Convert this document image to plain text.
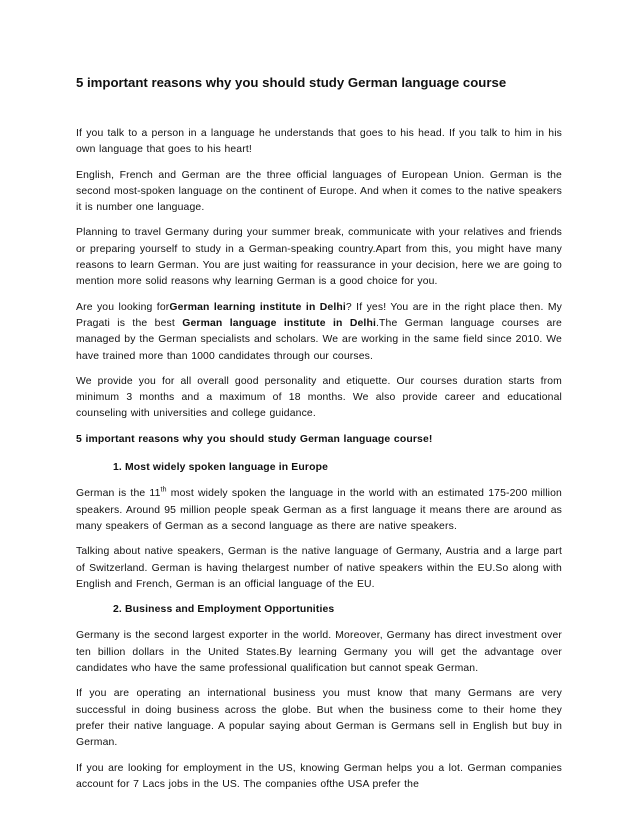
5 important reasons why you should study German language course

If you talk to a person in a language he understands that goes to his head. If you talk to him in his own language that goes to his heart!

English, French and German are the three official languages of European Union. German is the second most-spoken language on the continent of Europe. And when it comes to the native speakers it is number one language.

Planning to travel Germany during your summer break, communicate with your relatives and friends or preparing yourself to study in a German-speaking country.Apart from this, you might have many reasons to learn German. You are just waiting for reassurance in your decision, here we are going to mention more solid reasons why learning German is a good choice for you.

Are you looking forGerman learning institute in Delhi? If yes! You are in the right place then. My Pragati is the best German language institute in Delhi.The German language courses are managed by the German specialists and scholars. We are working in the same field since 2010. We have trained more than 1000 candidates through our courses.

We provide you for all overall good personality and etiquette. Our courses duration starts from minimum 3 months and a maximum of 18 months. We also provide career and educational counseling with universities and college guidance.

5 important reasons why you should study German language course!

1. Most widely spoken language in Europe

German is the 11th most widely spoken the language in the world with an estimated 175-200 million speakers. Around 95 million people speak German as a first language it means there are around as many speakers of German as a second language as there are native speakers.

Talking about native speakers, German is the native language of Germany, Austria and a large part of Switzerland. German is having thelargest number of native speakers within the EU.So along with English and French, German is an official language of the EU.

2. Business and Employment Opportunities

Germany is the second largest exporter in the world. Moreover, Germany has direct investment over ten billion dollars in the United States.By learning Germany you will get the advantage over candidates who have the same professional qualification but cannot speak German.

If you are operating an international business you must know that many Germans are very successful in doing business across the globe. But when the business come to their home they prefer their native language. A popular saying about German is Germans sell in English but buy in German.

If you are looking for employment in the US, knowing German helps you a lot. German companies account for 7 Lacs jobs in the US. The companies ofthe USA prefer the
